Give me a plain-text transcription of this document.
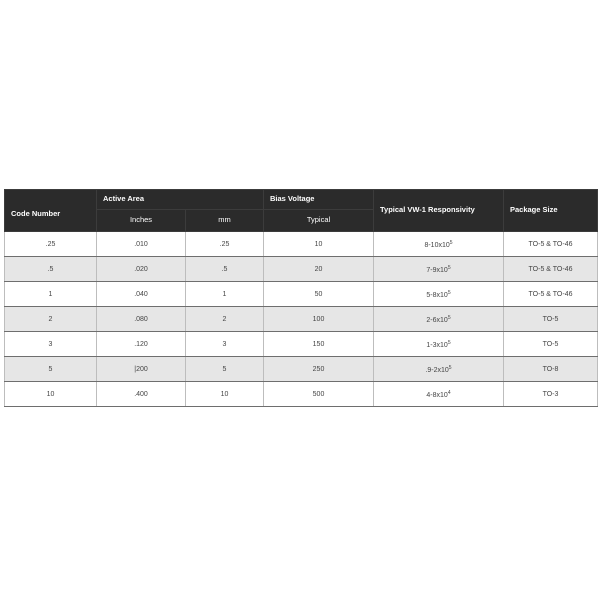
Code Number	Active Area		Bias Voltage	Typical VW-1 Responsivity	Package Size
	Inches	mm	Typical		
.25	.010	.25	10	$8-10x10^5$	TO-5 & TO-46
.5	.020	.5	20	$7-9x10^5$	TO-5 & TO-46
1	.040	1	50	$5-8x10^5$	TO-5 & TO-46
2	.080	2	100	$2-6x10^5$	TO-5
3	.120	3	150	$1-3x10^5$	TO-5
5	|200	5	250	$.9-2x10^5$	TO-8
10	.400	10	500	$4-8x10^4$	TO-3
